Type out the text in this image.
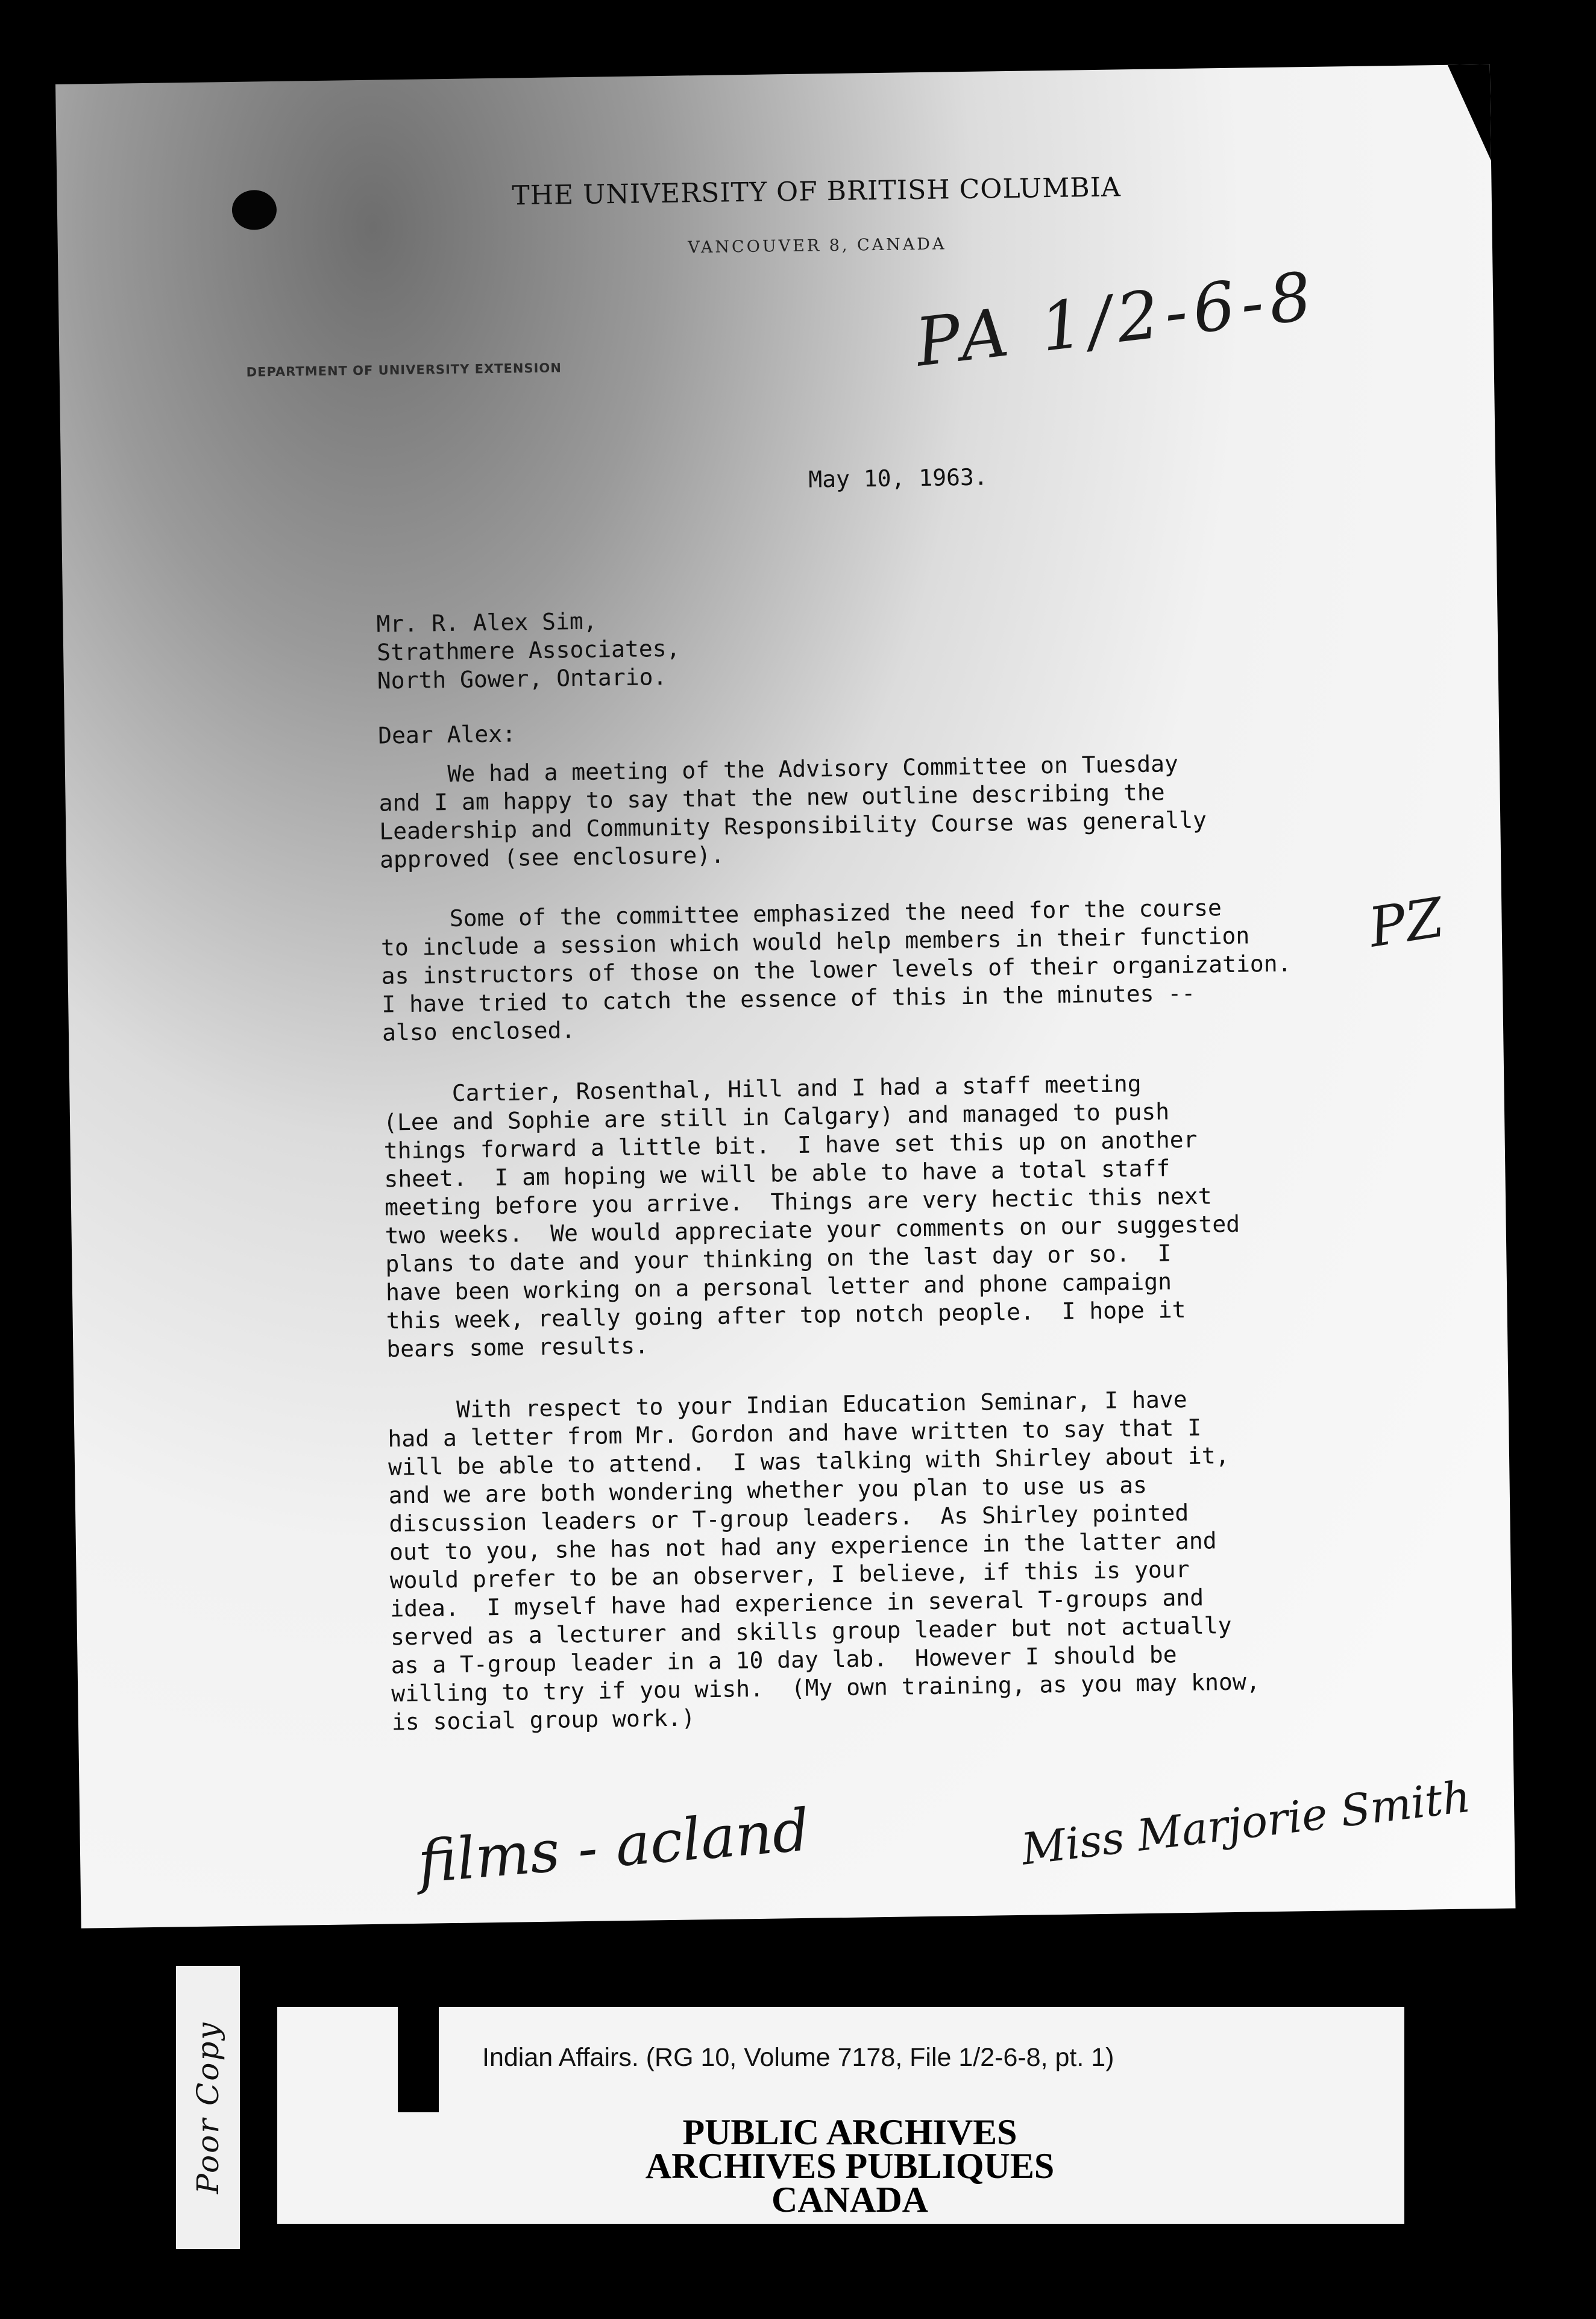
THE UNIVERSITY OF BRITISH COLUMBIA
VANCOUVER 8, CANADA
DEPARTMENT OF UNIVERSITY EXTENSION	PA 1/2-6-8
May 10, 1963.
Mr. R. Alex Sim,
Strathmere Associates,
North Gower, Ontario.
Dear Alex:
We had a meeting of the Advisory Committee on Tuesday
and I am happy to say that the new outline describing the
Leadership and Community Responsibility Course was generally
approved (see enclosure).
Some of the committee emphasized the need for the course
to include a session which would help members in their function
as instructors of those on the lower levels of their organization.
I have tried to catch the essence of this in the minutes --
also enclosed.
Cartier, Rosenthal, Hill and I had a staff meeting
(Lee and Sophie are still in Calgary) and managed to push
things forward a little bit.  I have set this up on another
sheet.  I am hoping we will be able to have a total staff
meeting before you arrive.  Things are very hectic this next
two weeks.  We would appreciate your comments on our suggested
plans to date and your thinking on the last day or so.  I
have been working on a personal letter and phone campaign
this week, really going after top notch people.  I hope it
bears some results.
With respect to your Indian Education Seminar, I have
had a letter from Mr. Gordon and have written to say that I
will be able to attend.  I was talking with Shirley about it,
and we are both wondering whether you plan to use us as
discussion leaders or T-group leaders.  As Shirley pointed
out to you, she has not had any experience in the latter and
would prefer to be an observer, I believe, if this is your
idea.  I myself have had experience in several T-groups and
served as a lecturer and skills group leader but not actually
as a T-group leader in a 10 day lab.  However I should be
willing to try if you wish.  (My own training, as you may know,
is social group work.)
PZ
films - acland	Miss Marjorie Smith
Poor Copy	Indian Affairs. (RG 10, Volume 7178, File 1/2-6-8, pt. 1)
PUBLIC ARCHIVES
ARCHIVES PUBLIQUES
CANADA
